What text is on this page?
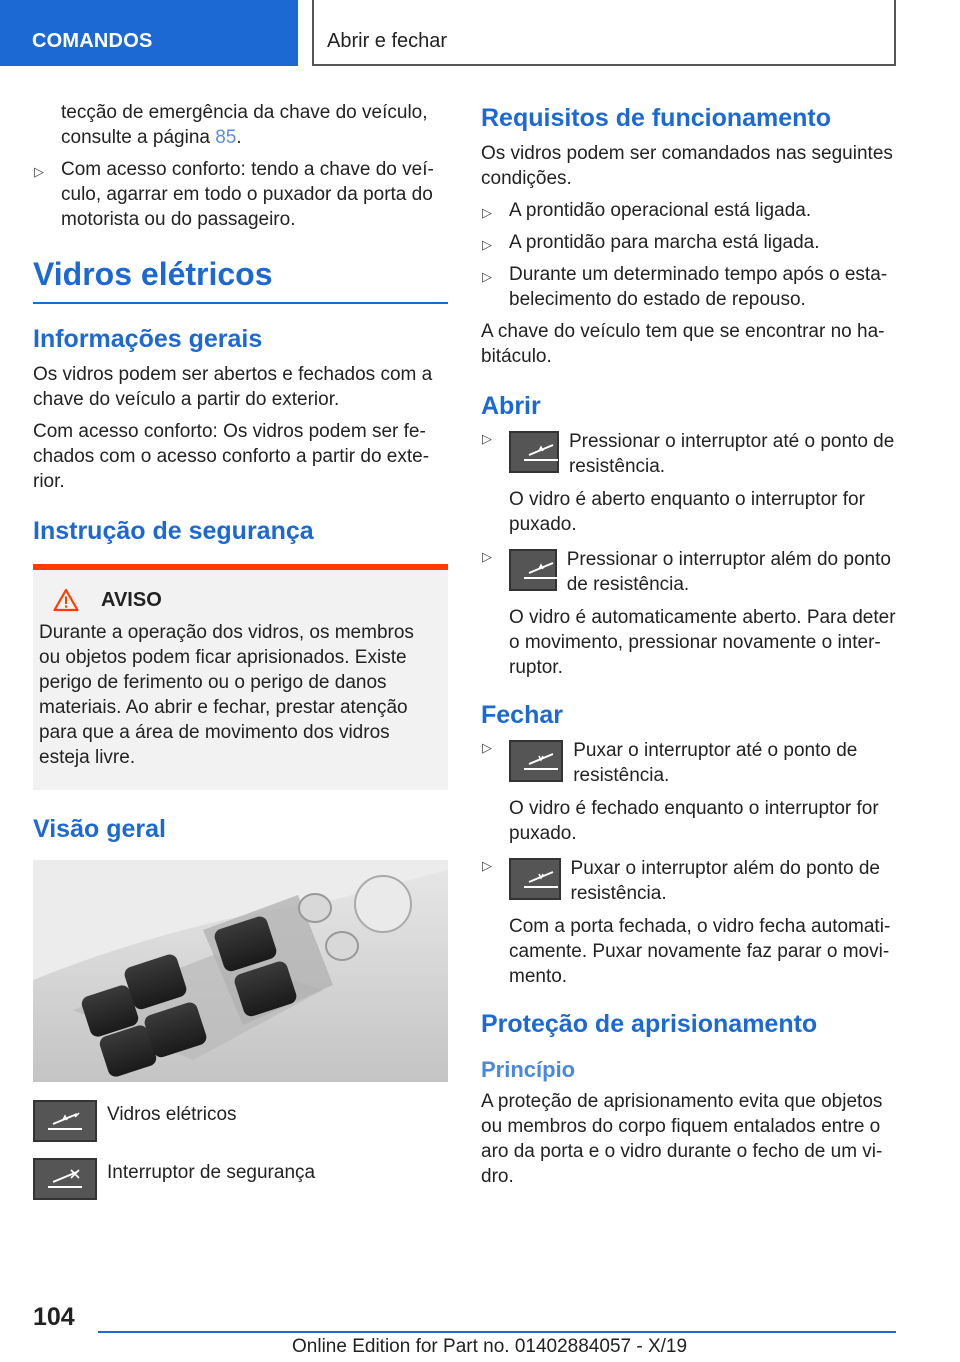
COMANDOS	Abrir e fechar

tecção de emergência da chave do veículo,
consulte a página 85.

▷ Com acesso conforto: tendo a chave do veículo, agarrar em todo o puxador da porta do motorista ou do passageiro.
Vidros elétricos
Informações gerais

Os vidros podem ser abertos e fechados com a chave do veículo a partir do exterior.

Com acesso conforto: Os vidros podem ser fechados com o acesso conforto a partir do exterior.

Instrução de segurança
AVISO

Durante a operação dos vidros, os membros ou objetos podem ficar aprisionados. Existe perigo de ferimento ou o perigo de danos materiais. Ao abrir e fechar, prestar atenção para que a área de movimento dos vidros esteja livre.

Visão geral
Vidros elétricos
Interruptor de segurança
Requisitos de funcionamento

Os vidros podem ser comandados nas seguintes condições.

▷ A prontidão operacional está ligada.
▷ A prontidão para marcha está ligada.
▷ Durante um determinado tempo após o estabelecimento do estado de repouso.

A chave do veículo tem que se encontrar no habitáculo.

Abrir
▷	Pressionar o interruptor até o ponto de resistência.

O vidro é aberto enquanto o interruptor for puxado.

▷	Pressionar o interruptor além do ponto de resistência.

O vidro é automaticamente aberto. Para deter o movimento, pressionar novamente o interruptor.

Fechar
▷	Puxar o interruptor até o ponto de resistência.

O vidro é fechado enquanto o interruptor for puxado.

▷	Puxar o interruptor além do ponto de resistência.

Com a porta fechada, o vidro fecha automaticamente. Puxar novamente faz parar o movimento.

Proteção de aprisionamento
Princípio

A proteção de aprisionamento evita que objetos ou membros do corpo fiquem entalados entre o aro da porta e o vidro durante o fecho de um vidro.

104
Online Edition for Part no. 01402884057 - X/19
